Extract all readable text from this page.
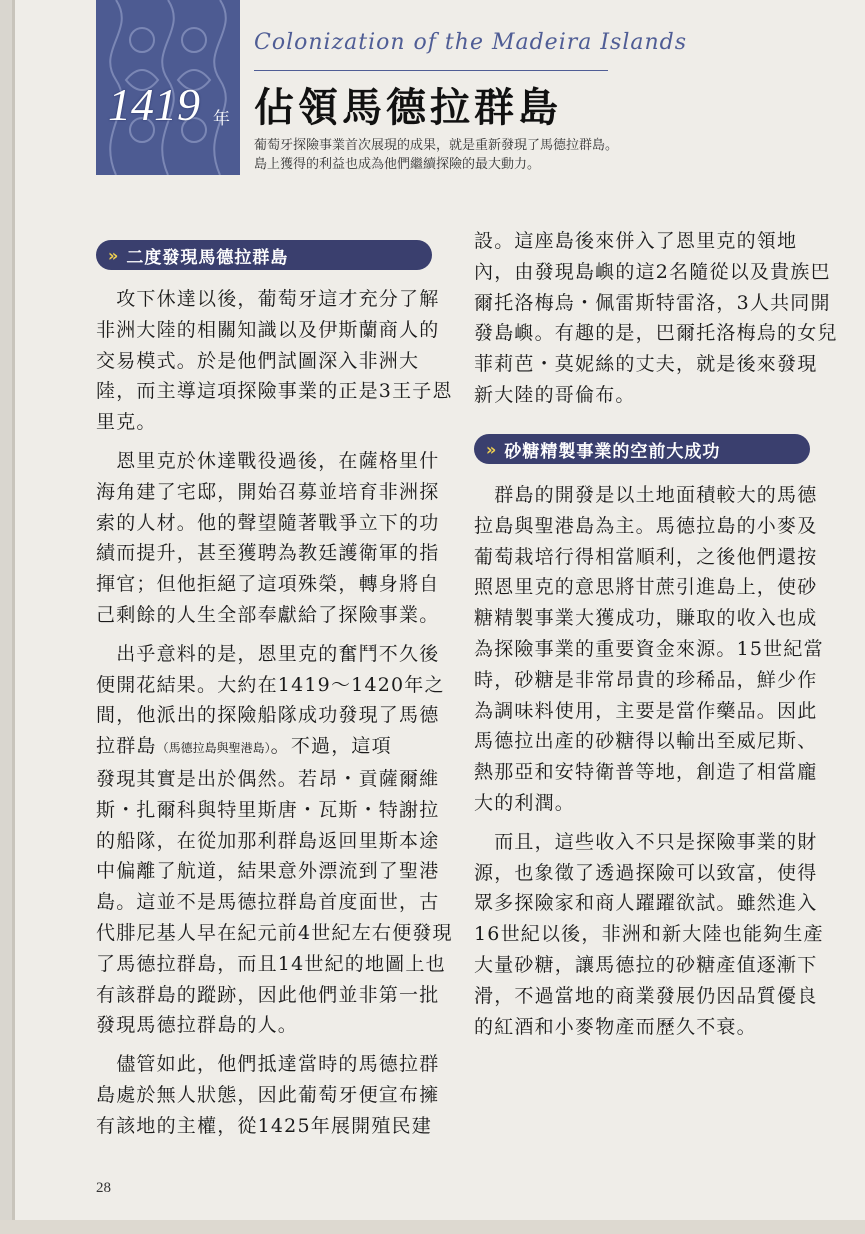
Colonization of the Madeira Islands
1419 年 佔領馬德拉群島
葡萄牙探險事業首次展現的成果，就是重新發現了馬德拉群島。
島上獲得的利益也成為他們繼續探險的最大動力。
» 二度發現馬德拉群島
» 砂糖精製事業的空前大成功

　攻下休達以後，葡萄牙這才充分了解

非洲大陸的相關知識以及伊斯蘭商人的

交易模式。於是他們試圖深入非洲大

陸，而主導這項探險事業的正是3王子恩

里克。

　恩里克於休達戰役過後，在薩格里什

海角建了宅邸，開始召募並培育非洲探

索的人材。他的聲望隨著戰爭立下的功

績而提升，甚至獲聘為教廷護衛軍的指

揮官；但他拒絕了這項殊榮，轉身將自

己剩餘的人生全部奉獻給了探險事業。

　出乎意料的是，恩里克的奮鬥不久後

便開花結果。大約在1419～1420年之

間，他派出的探險船隊成功發現了馬德

拉群島（馬德拉島與聖港島）。不過，這項

發現其實是出於偶然。若昂・貢薩爾維

斯・扎爾科與特里斯唐・瓦斯・特謝拉

的船隊，在從加那利群島返回里斯本途

中偏離了航道，結果意外漂流到了聖港

島。這並不是馬德拉群島首度面世，古

代腓尼基人早在紀元前4世紀左右便發現

了馬德拉群島，而且14世紀的地圖上也

有該群島的蹤跡，因此他們並非第一批

發現馬德拉群島的人。

　儘管如此，他們抵達當時的馬德拉群

島處於無人狀態，因此葡萄牙便宣布擁

有該地的主權，從1425年展開殖民建

設。這座島後來併入了恩里克的領地

內，由發現島嶼的這2名隨從以及貴族巴

爾托洛梅烏・佩雷斯特雷洛，3人共同開

發島嶼。有趣的是，巴爾托洛梅烏的女兒

菲莉芭・莫妮絲的丈夫，就是後來發現

新大陸的哥倫布。

　群島的開發是以土地面積較大的馬德

拉島與聖港島為主。馬德拉島的小麥及

葡萄栽培行得相當順利，之後他們還按

照恩里克的意思將甘蔗引進島上，使砂

糖精製事業大獲成功，賺取的收入也成

為探險事業的重要資金來源。15世紀當

時，砂糖是非常昂貴的珍稀品，鮮少作

為調味料使用，主要是當作藥品。因此

馬德拉出產的砂糖得以輸出至威尼斯、

熱那亞和安特衛普等地，創造了相當龐

大的利潤。

　而且，這些收入不只是探險事業的財

源，也象徵了透過探險可以致富，使得

眾多探險家和商人躍躍欲試。雖然進入

16世紀以後，非洲和新大陸也能夠生產

大量砂糖，讓馬德拉的砂糖產值逐漸下

滑，不過當地的商業發展仍因品質優良

的紅酒和小麥物產而歷久不衰。

28
